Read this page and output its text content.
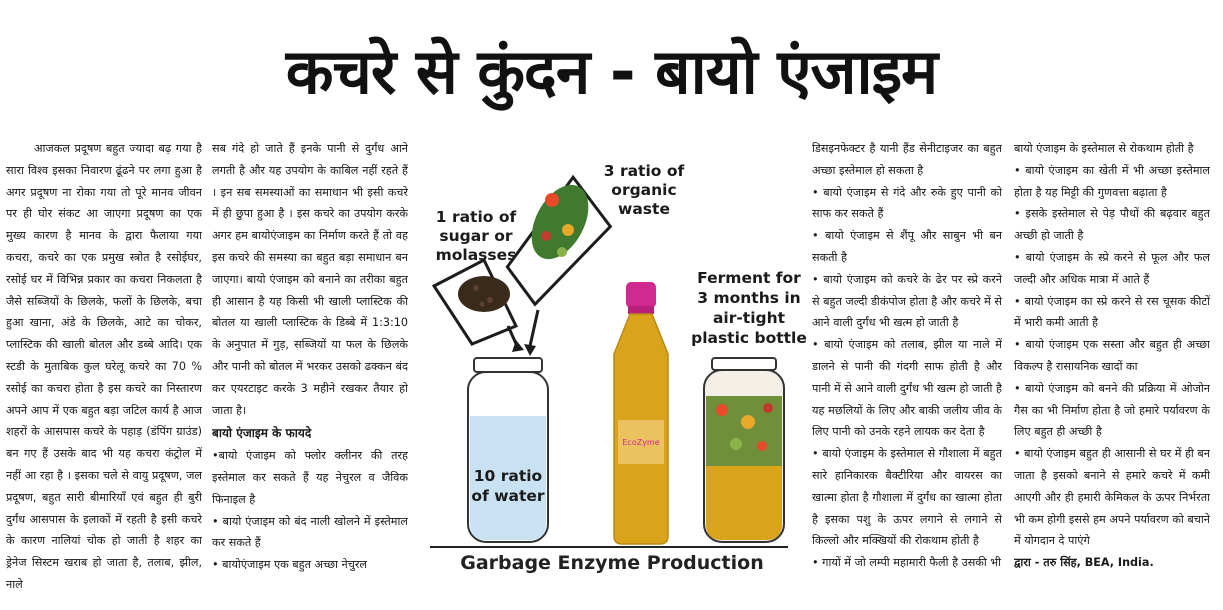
कचरे से कुंदन - बायो एंजाइम

आजकल प्रदूषण बहुत ज्यादा बढ़ गया है सारा विश्व इसका निवारण ढूंढने पर लगा हुआ है अगर प्रदूषण ना रोका गया तो पूरे मानव जीवन पर ही घोर संकट आ जाएगा प्रदूषण का एक मुख्य कारण है मानव के द्वारा फैलाया गया कचरा, कचरे का एक प्रमुख स्त्रोत है रसोईघर, रसोई घर में विभिन्न प्रकार का कचरा निकलता है जैसे सब्जियों के छिलके, फलों के छिलके, बचा हुआ खाना, अंडे के छिलके, आटे का चोकर, प्लास्टिक की खाली बोतल और डब्बे आदि। एक स्टडी के मुताबिक कुल घरेलू कचरे का 70 % रसोई का कचरा होता है इस कचरे का निस्तारण अपने आप में एक बहुत बड़ा जटिल कार्य है आज शहरों के आसपास कचरे के पहाड़ (डंपिंग ग्राउंड) बन गए हैं उसके बाद भी यह कचरा कंट्रोल में नहीं आ रहा है । इसका चले से वायु प्रदूषण, जल प्रदूषण, बहुत सारी बीमारियाँ एवं बहुत ही बुरी दुर्गंध आसपास के इलाकों में रहती है इसी कचरे के कारण नालियां चोक हो जाती है शहर का ड्रेनेज सिस्टम खराब हो जाता है, तलाब, झील, नाले

सब गंदे हो जाते हैं इनके पानी से दुर्गंध आने लगती है और यह उपयोग के काबिल नहीं रहते हैं । इन सब समस्याओं का समाधान भी इसी कचरे में ही छुपा हुआ है । इस कचरे का उपयोग करके अगर हम बायोएंजाइम का निर्माण करते हैं तो वह इस कचरे की समस्या का बहुत बड़ा समाधान बन जाएगा। बायो एंजाइम को बनाने का तरीका बहुत ही आसान है यह किसी भी खाली प्लास्टिक की बोतल या खाली प्लास्टिक के डिब्बे में 1:3:10 के अनुपात में गुड़, सब्जियों या फल के छिलके और पानी को बोतल में भरकर उसको ढक्कन बंद कर एयरटाइट करके 3 महीने रखकर तैयार हो जाता है।

बायो एंजाइम के फायदे

•बायो एंजाइम को फ्लोर क्लीनर की तरह इस्तेमाल कर सकते हैं यह नेचुरल व जैविक फिनाइल है

• बायो एंजाइम को बंद नाली खोलने में इस्तेमाल कर सकते हैं

• बायोएंजाइम एक बहुत अच्छा नेचुरल

EcoZyme
1 ratio of sugar or molasses
3 ratio of organic waste
Ferment for 3 months in air-tight plastic bottle
10 ratio of water
Garbage Enzyme Production

डिसइनफेक्टर है यानी हैंड सेनीटाइजर का बहुत अच्छा इस्तेमाल हो सकता है

• बायो एंजाइम से गंदे और रुके हुए पानी को साफ कर सकते हैं

• बायो एंजाइम से शैंपू और साबुन भी बन सकती है

• बायो एंजाइम को कचरे के ढेर पर स्प्रे करने से बहुत जल्दी डीकंपोज होता है और कचरे में से आने वाली दुर्गंध भी खत्म हो जाती है

• बायो एंजाइम को तलाब, झील या नाले में डालने से पानी की गंदगी साफ होती है और पानी में से आने वाली दुर्गंध भी खत्म हो जाती है यह मछलियों के लिए और बाकी जलीय जीव के लिए पानी को उनके रहने लायक कर देता है

• बायो एंजाइम के इस्तेमाल से गौशाला में बहुत सारे हानिकारक बैक्टीरिया और वायरस का खात्मा होता है गौशाला में दुर्गंध का खात्मा होता है इसका पशु के ऊपर लगाने से लगाने से किल्लो और मक्खियों की रोकथाम होती है

• गायों में जो लम्पी महामारी फैली है उसकी भी

बायो एंजाइम के इस्तेमाल से रोकथाम होती है

• बायो एंजाइम का खेती में भी अच्छा इस्तेमाल होता है यह मिट्टी की गुणवत्ता बढ़ाता है

• इसके इस्तेमाल से पेड़ पौधों की बढ़वार बहुत अच्छी हो जाती है

• बायो एंजाइम के स्प्रे करने से फूल और फल जल्दी और अधिक मात्रा में आते हैं

• बायो एंजाइम का स्प्रे करने से रस चूसक कीटों में भारी कमी आती है

• बायो एंजाइम एक सस्ता और बहुत ही अच्छा विकल्प है रासायनिक खादों का

• बायो एंजाइम को बनने की प्रक्रिया में ओजोन गैस का भी निर्माण होता है जो हमारे पर्यावरण के लिए बहुत ही अच्छी है

• बायो एंजाइम बहुत ही आसानी से घर में ही बन जाता है इसको बनाने से हमारे कचरे में कमी आएगी और ही हमारी केमिकल के ऊपर निर्भरता भी कम होगी इससे हम अपने पर्यावरण को बचाने में योगदान दे पाएंगे

द्वारा - तरु सिंह, BEA, India.
